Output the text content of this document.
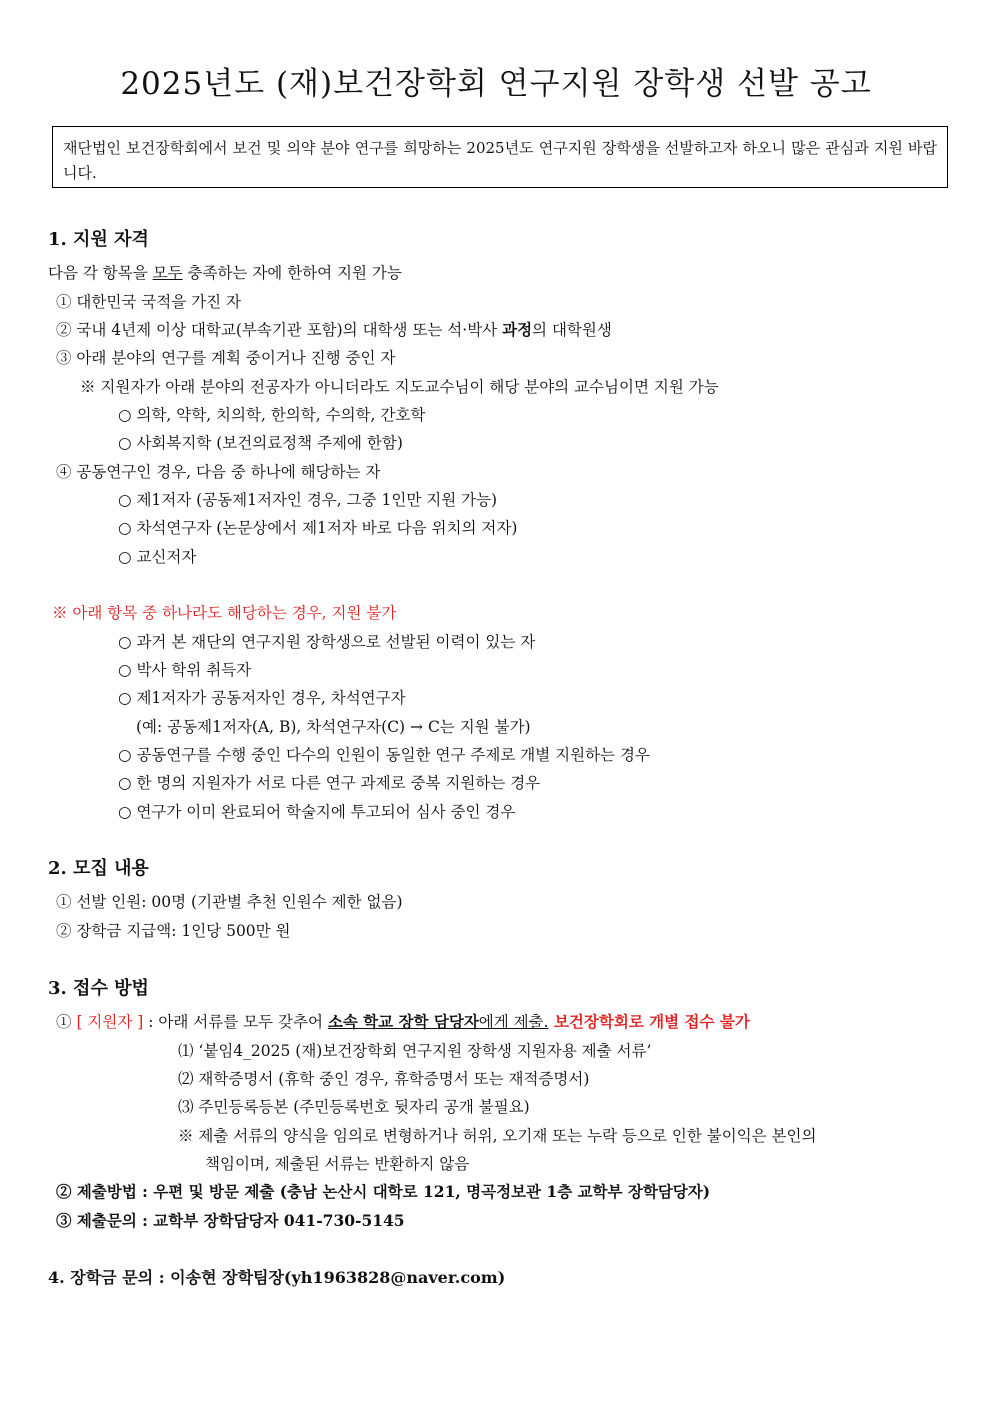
2025년도 (재)보건장학회 연구지원 장학생 선발 공고
재단법인 보건장학회에서 보건 및 의약 분야 연구를 희망하는 2025년도 연구지원 장학생을 선발하고자 하오니 많은 관심과 지원 바랍니다.
1. 지원 자격
다음 각 항목을 모두 충족하는 자에 한하여 지원 가능
① 대한민국 국적을 가진 자
② 국내 4년제 이상 대학교(부속기관 포함)의 대학생 또는 석·박사 과정의 대학원생
③ 아래 분야의 연구를 계획 중이거나 진행 중인 자
※ 지원자가 아래 분야의 전공자가 아니더라도 지도교수님이 해당 분야의 교수님이면 지원 가능
○ 의학, 약학, 치의학, 한의학, 수의학, 간호학
○ 사회복지학 (보건의료정책 주제에 한함)
④ 공동연구인 경우, 다음 중 하나에 해당하는 자
○ 제1저자 (공동제1저자인 경우, 그중 1인만 지원 가능)
○ 차석연구자 (논문상에서 제1저자 바로 다음 위치의 저자)
○ 교신저자
※ 아래 항목 중 하나라도 해당하는 경우, 지원 불가
○ 과거 본 재단의 연구지원 장학생으로 선발된 이력이 있는 자
○ 박사 학위 취득자
○ 제1저자가 공동저자인 경우, 차석연구자
(예: 공동제1저자(A, B), 차석연구자(C) → C는 지원 불가)
○ 공동연구를 수행 중인 다수의 인원이 동일한 연구 주제로 개별 지원하는 경우
○ 한 명의 지원자가 서로 다른 연구 과제로 중복 지원하는 경우
○ 연구가 이미 완료되어 학술지에 투고되어 심사 중인 경우
2. 모집 내용
① 선발 인원: 00명 (기관별 추천 인원수 제한 없음)
② 장학금 지급액: 1인당 500만 원
3. 접수 방법
① [ 지원자 ] : 아래 서류를 모두 갖추어 소속 학교 장학 담당자에게 제출. 보건장학회로 개별 접수 불가
⑴ ‘붙임4_2025 (재)보건장학회 연구지원 장학생 지원자용 제출 서류’
⑵ 재학증명서 (휴학 중인 경우, 휴학증명서 또는 재적증명서)
⑶ 주민등록등본 (주민등록번호 뒷자리 공개 불필요)
※ 제출 서류의 양식을 임의로 변형하거나 허위, 오기재 또는 누락 등으로 인한 불이익은 본인의
책임이며, 제출된 서류는 반환하지 않음
② 제출방법 : 우편 및 방문 제출 (충남 논산시 대학로 121, 명곡정보관 1층 교학부 장학담당자)
③ 제출문의 : 교학부 장학담당자 041-730-5145
4. 장학금 문의 : 이송현 장학팀장(yh1963828@naver.com)
